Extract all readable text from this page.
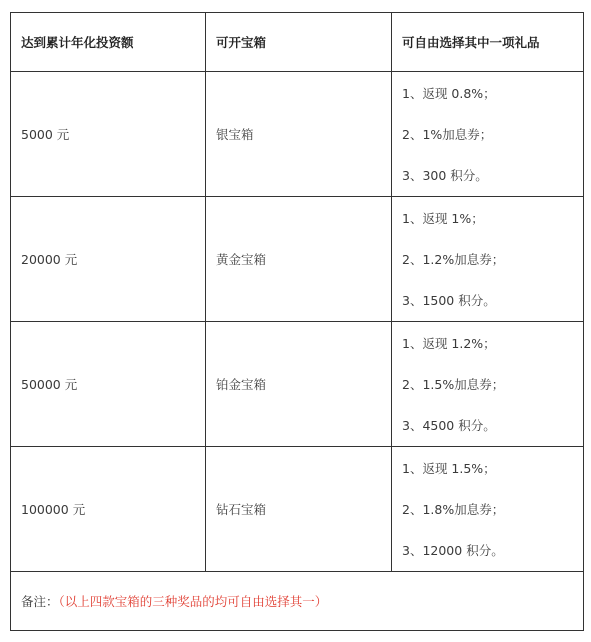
达到累计年化投资额	可开宝箱	可自由选择其中一项礼品
5000 元	银宝箱	1、返现 0.8%；
2、1%加息券；
3、300 积分。

20000 元	黄金宝箱	1、返现 1%；
2、1.2%加息券；
3、1500 积分。

50000 元	铂金宝箱	1、返现 1.2%；
2、1.5%加息券；
3、4500 积分。

100000 元	钻石宝箱	1、返现 1.5%；
2、1.8%加息券；
3、12000 积分。

备注：（以上四款宝箱的三种奖品的均可自由选择其一）		
